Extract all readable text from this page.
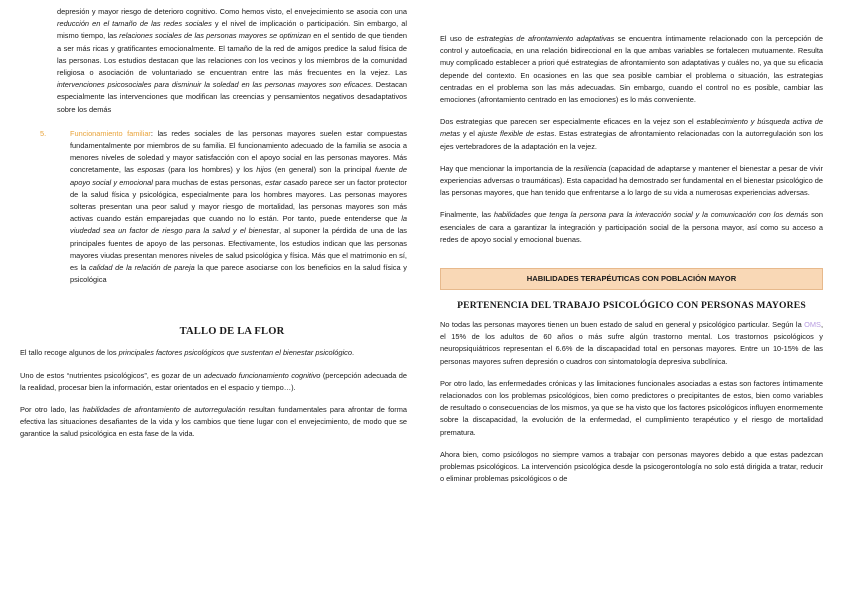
depresión y mayor riesgo de deterioro cognitivo. Como hemos visto, el envejecimiento se asocia con una reducción en el tamaño de las redes sociales y el nivel de implicación o participación. Sin embargo, al mismo tiempo, las relaciones sociales de las personas mayores se optimizan en el sentido de que tienden a ser más ricas y gratificantes emocionalmente. El tamaño de la red de amigos predice la salud física de las personas. Los estudios destacan que las relaciones con los vecinos y los miembros de la comunidad religiosa o asociación de voluntariado se encuentran entre las más frecuentes en la vejez. Las intervenciones psicosociales para disminuir la soledad en las personas mayores son eficaces. Destacan especialmente las intervenciones que modifican las creencias y pensamientos negativos desadaptativos sobre los demás

5.	Funcionamiento familiar: las redes sociales de las personas mayores suelen estar compuestas fundamentalmente por miembros de su familia. El funcionamiento adecuado de la familia se asocia a menores niveles de soledad y mayor satisfacción con el apoyo social en las personas mayores. Más concretamente, las esposas (para los hombres) y los hijos (en general) son la principal fuente de apoyo social y emocional para muchas de estas personas, estar casado parece ser un factor protector de la salud física y psicológica, especialmente para los hombres mayores. Las personas mayores solteras presentan una peor salud y mayor riesgo de mortalidad, las personas mayores son más activas cuando están emparejadas que cuando no lo están. Por tanto, puede entenderse que la viudedad sea un factor de riesgo para la salud y el bienestar, al suponer la pérdida de una de las principales fuentes de apoyo de las personas. Efectivamente, los estudios indican que las personas mayores viudas presentan menores niveles de salud psicológica y física. Más que el matrimonio en sí, es la calidad de la relación de pareja la que parece asociarse con los beneficios en la salud física y psicológica

TALLO DE LA FLOR

El tallo recoge algunos de los principales factores psicológicos que sustentan el bienestar psicológico.

Uno de estos “nutrientes psicológicos”, es gozar de un adecuado funcionamiento cognitivo (percepción adecuada de la realidad, procesar bien la información, estar orientados en el espacio y tiempo…).

Por otro lado, las habilidades de afrontamiento de autorregulación resultan fundamentales para afrontar de forma efectiva las situaciones desafiantes de la vida y los cambios que tiene lugar con el envejecimiento, de modo que se garantice la salud psicológica en esta fase de la vida.

El uso de estrategias de afrontamiento adaptativas se encuentra íntimamente relacionado con la percepción de control y autoeficacia, en una relación bidireccional en la que ambas variables se fortalecen mutuamente. Resulta muy complicado establecer a priori qué estrategias de afrontamiento son adaptativas y cuáles no, ya que su eficacia depende del contexto. En ocasiones en las que sea posible cambiar el problema o situación, las estrategias centradas en el problema son las más adecuadas. Sin embargo, cuando el control no es posible, cambiar las emociones (afrontamiento centrado en las emociones) es lo más conveniente.

Dos estrategias que parecen ser especialmente eficaces en la vejez son el establecimiento y búsqueda activa de metas y el ajuste flexible de estas. Estas estrategias de afrontamiento relacionadas con la autorregulación son los ejes vertebradores de la adaptación en la vejez.

Hay que mencionar la importancia de la resiliencia (capacidad de adaptarse y mantener el bienestar a pesar de vivir experiencias adversas o traumáticas). Esta capacidad ha demostrado ser fundamental en el bienestar psicológico de las personas mayores, que han tenido que enfrentarse a lo largo de su vida a numerosas experiencias adversas.

Finalmente, las habilidades que tenga la persona para la interacción social y la comunicación con los demás son esenciales de cara a garantizar la integración y participación social de la persona mayor, así como su acceso a redes de apoyo social y emocional buenas.

HABILIDADES TERAPÉUTICAS CON POBLACIÓN MAYOR
PERTENENCIA DEL TRABAJO PSICOLÓGICO CON PERSONAS MAYORES

No todas las personas mayores tienen un buen estado de salud en general y psicológico particular. Según la OMS, el 15% de los adultos de 60 años o más sufre algún trastorno mental. Los trastornos psicológicos y neuropsiquiátricos representan el 6.6% de la discapacidad total en personas mayores. Entre un 10-15% de las personas mayores sufren depresión o cuadros con sintomatología depresiva subclínica.

Por otro lado, las enfermedades crónicas y las limitaciones funcionales asociadas a estas son factores íntimamente relacionados con los problemas psicológicos, bien como predictores o precipitantes de estos, bien como variables de resultado o consecuencias de los mismos, ya que se ha visto que los factores psicológicos influyen enormemente sobre la discapacidad, la evolución de la enfermedad, el cumplimiento terapéutico y el riesgo de mortalidad prematura.

Ahora bien, como psicólogos no siempre vamos a trabajar con personas mayores debido a que estas padezcan problemas psicológicos. La intervención psicológica desde la psicogerontología no solo está dirigida a tratar, reducir o eliminar problemas psicológicos o de
